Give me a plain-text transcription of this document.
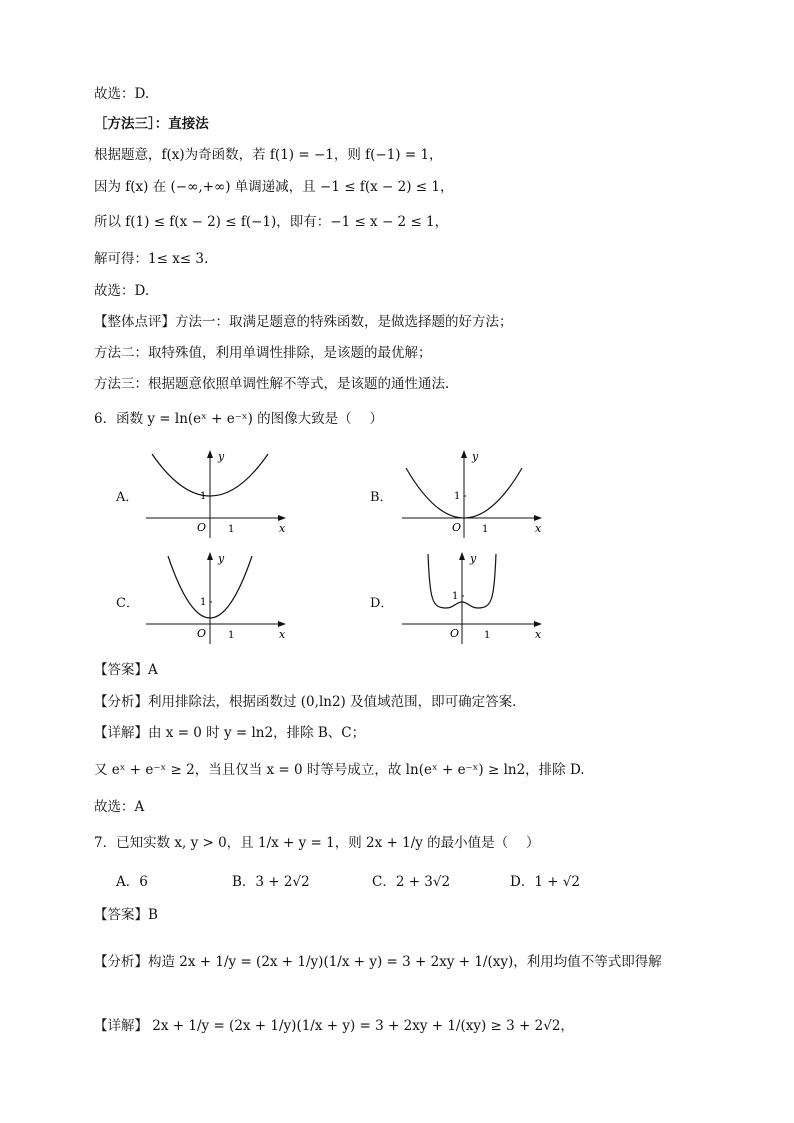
故选：D.
［方法三］：直接法
根据题意，f(x)为奇函数，若 f(1) = −1，则 f(−1) = 1，
因为 f(x) 在 (−∞,+∞) 单调递减，且 −1 ≤ f(x − 2) ≤ 1，
所以 f(1) ≤ f(x − 2) ≤ f(−1)，即有：−1 ≤ x − 2 ≤ 1，
解可得：1≤ x≤ 3.
故选：D.
【整体点评】方法一：取满足题意的特殊函数，是做选择题的好方法；
方法二：取特殊值，利用单调性排除，是该题的最优解；
方法三：根据题意依照单调性解不等式，是该题的通性通法.
6．函数 y = ln(eˣ + e⁻ˣ) 的图像大致是（　 ）
A．
y
x
O
1
1
B．
y
x
O
1
1
C．
y
x
O
1
1
D．
y
x
O
1
1
【答案】A
【分析】利用排除法，根据函数过 (0,ln2) 及值域范围，即可确定答案.
【详解】由 x = 0 时 y = ln2，排除 B、C；
又 eˣ + e⁻ˣ ≥ 2，当且仅当 x = 0 时等号成立，故 ln(eˣ + e⁻ˣ) ≥ ln2，排除 D.
故选：A
7．已知实数 x, y > 0，且 1/x + y = 1，则 2x + 1/y 的最小值是（　 ）
A．6	B．3 + 2√2	C．2 + 3√2	D．1 + √2
【答案】B
【分析】构造 2x + 1/y = (2x + 1/y)(1/x + y) = 3 + 2xy + 1/(xy)，利用均值不等式即得解
【详解】 2x + 1/y = (2x + 1/y)(1/x + y) = 3 + 2xy + 1/(xy) ≥ 3 + 2√2，
